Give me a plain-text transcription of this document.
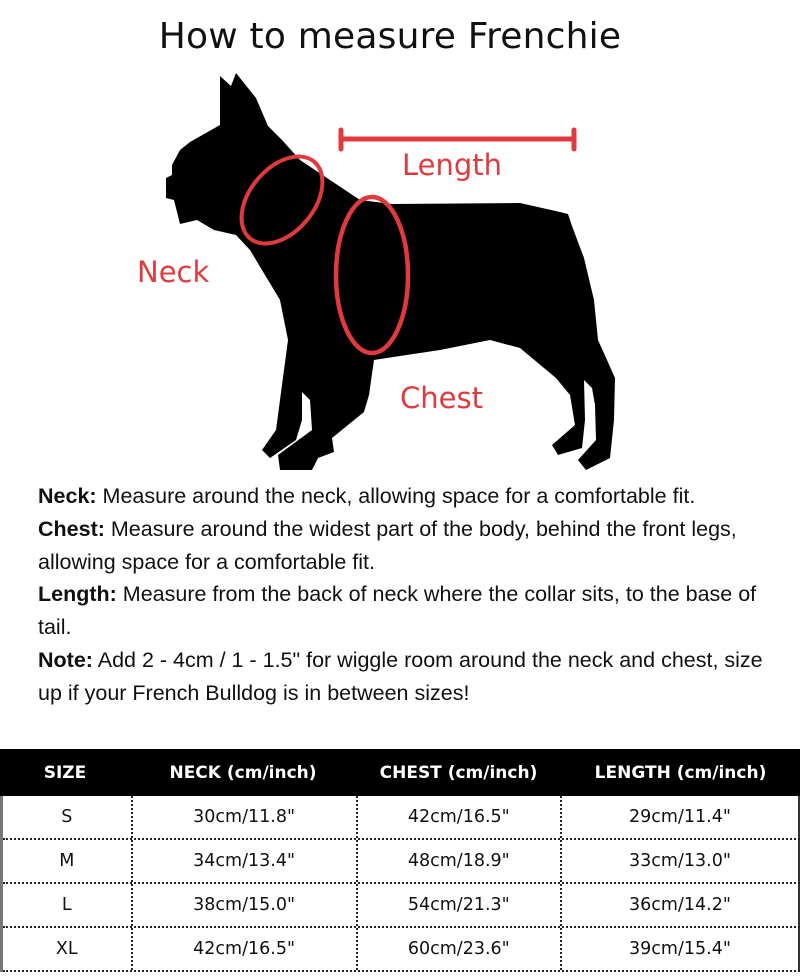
How to measure Frenchie
Length
Neck
Chest

Neck: Measure around the neck, allowing space for a comfortable fit.

Chest: Measure around the widest part of the body, behind the front legs, allowing space for a comfortable fit.

Length: Measure from the back of neck where the collar sits, to the base of tail.

Note: Add 2 - 4cm / 1 - 1.5" for wiggle room around the neck and chest, size up if your French Bulldog is in between sizes!

SIZE	NECK (cm/inch)	CHEST (cm/inch)	LENGTH (cm/inch)
S	30cm/11.8"	42cm/16.5"	29cm/11.4"
M	34cm/13.4"	48cm/18.9"	33cm/13.0"
L	38cm/15.0"	54cm/21.3"	36cm/14.2"
XL	42cm/16.5"	60cm/23.6"	39cm/15.4"
